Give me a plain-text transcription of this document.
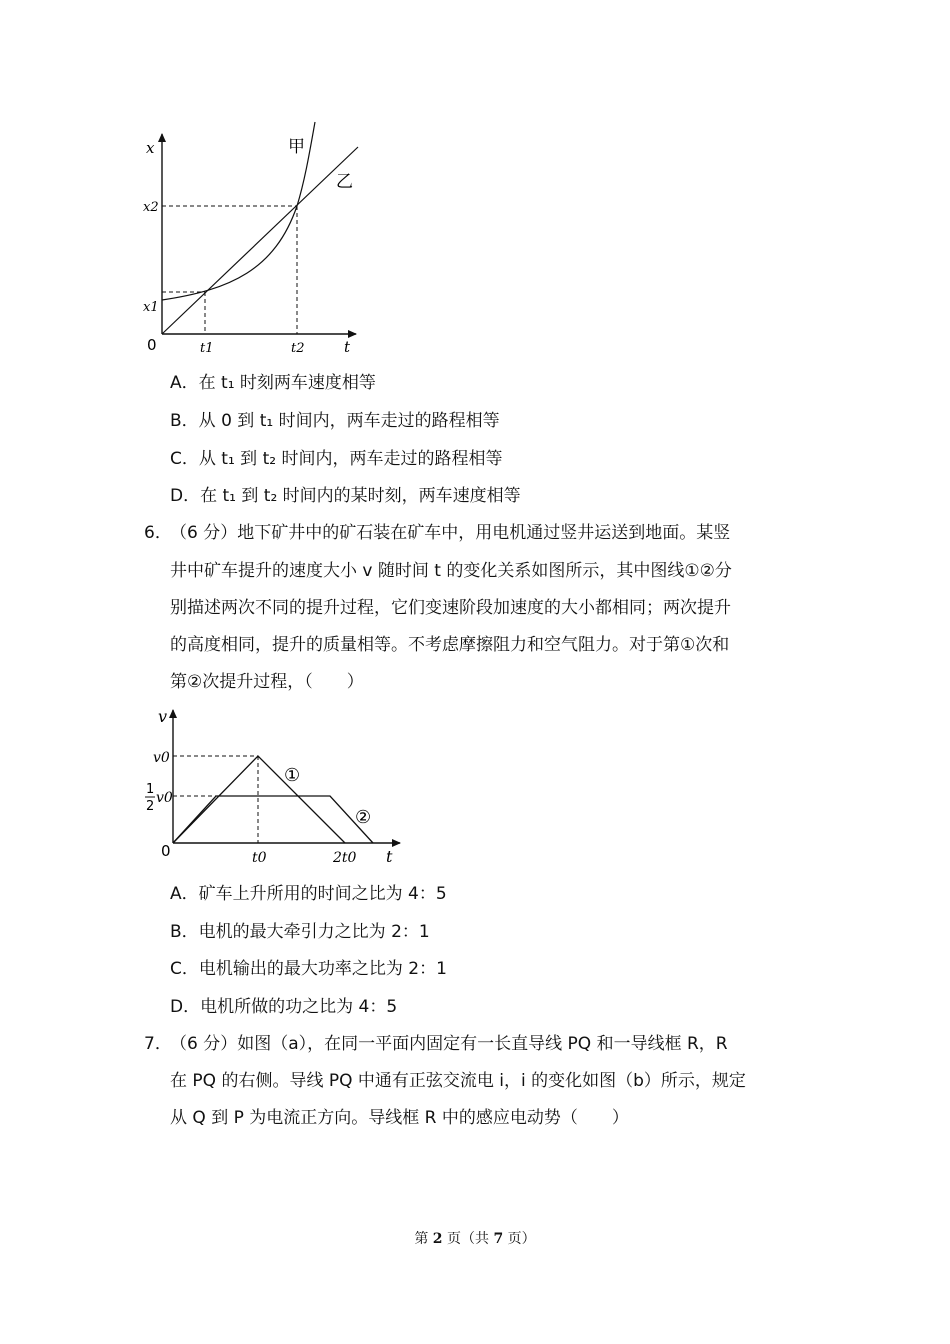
x
t
0
x2
x1
t1	t2
甲
乙
A．在 t₁ 时刻两车速度相等
B．从 0 到 t₁ 时间内，两车走过的路程相等
C．从 t₁ 到 t₂ 时间内，两车走过的路程相等
D．在 t₁ 到 t₂ 时间内的某时刻，两车速度相等
6．
（6 分）地下矿井中的矿石装在矿车中，用电机通过竖井运送到地面。某竖
井中矿车提升的速度大小 v 随时间 t 的变化关系如图所示，其中图线①②分
别描述两次不同的提升过程，它们变速阶段加速度的大小都相同；两次提升
的高度相同，提升的质量相等。不考虑摩擦阻力和空气阻力。对于第①次和
第②次提升过程，（　　）
v
t
0
v0
1
2
v0
t0	2t0
①
②
A．矿车上升所用的时间之比为 4：5
B．电机的最大牵引力之比为 2：1
C．电机输出的最大功率之比为 2：1
D．电机所做的功之比为 4：5
7．
（6 分）如图（a），在同一平面内固定有一长直导线 PQ 和一导线框 R，R
在 PQ 的右侧。导线 PQ 中通有正弦交流电 i，i 的变化如图（b）所示，规定
从 Q 到 P 为电流正方向。导线框 R 中的感应电动势（　　）
第 2 页（共 7 页）
